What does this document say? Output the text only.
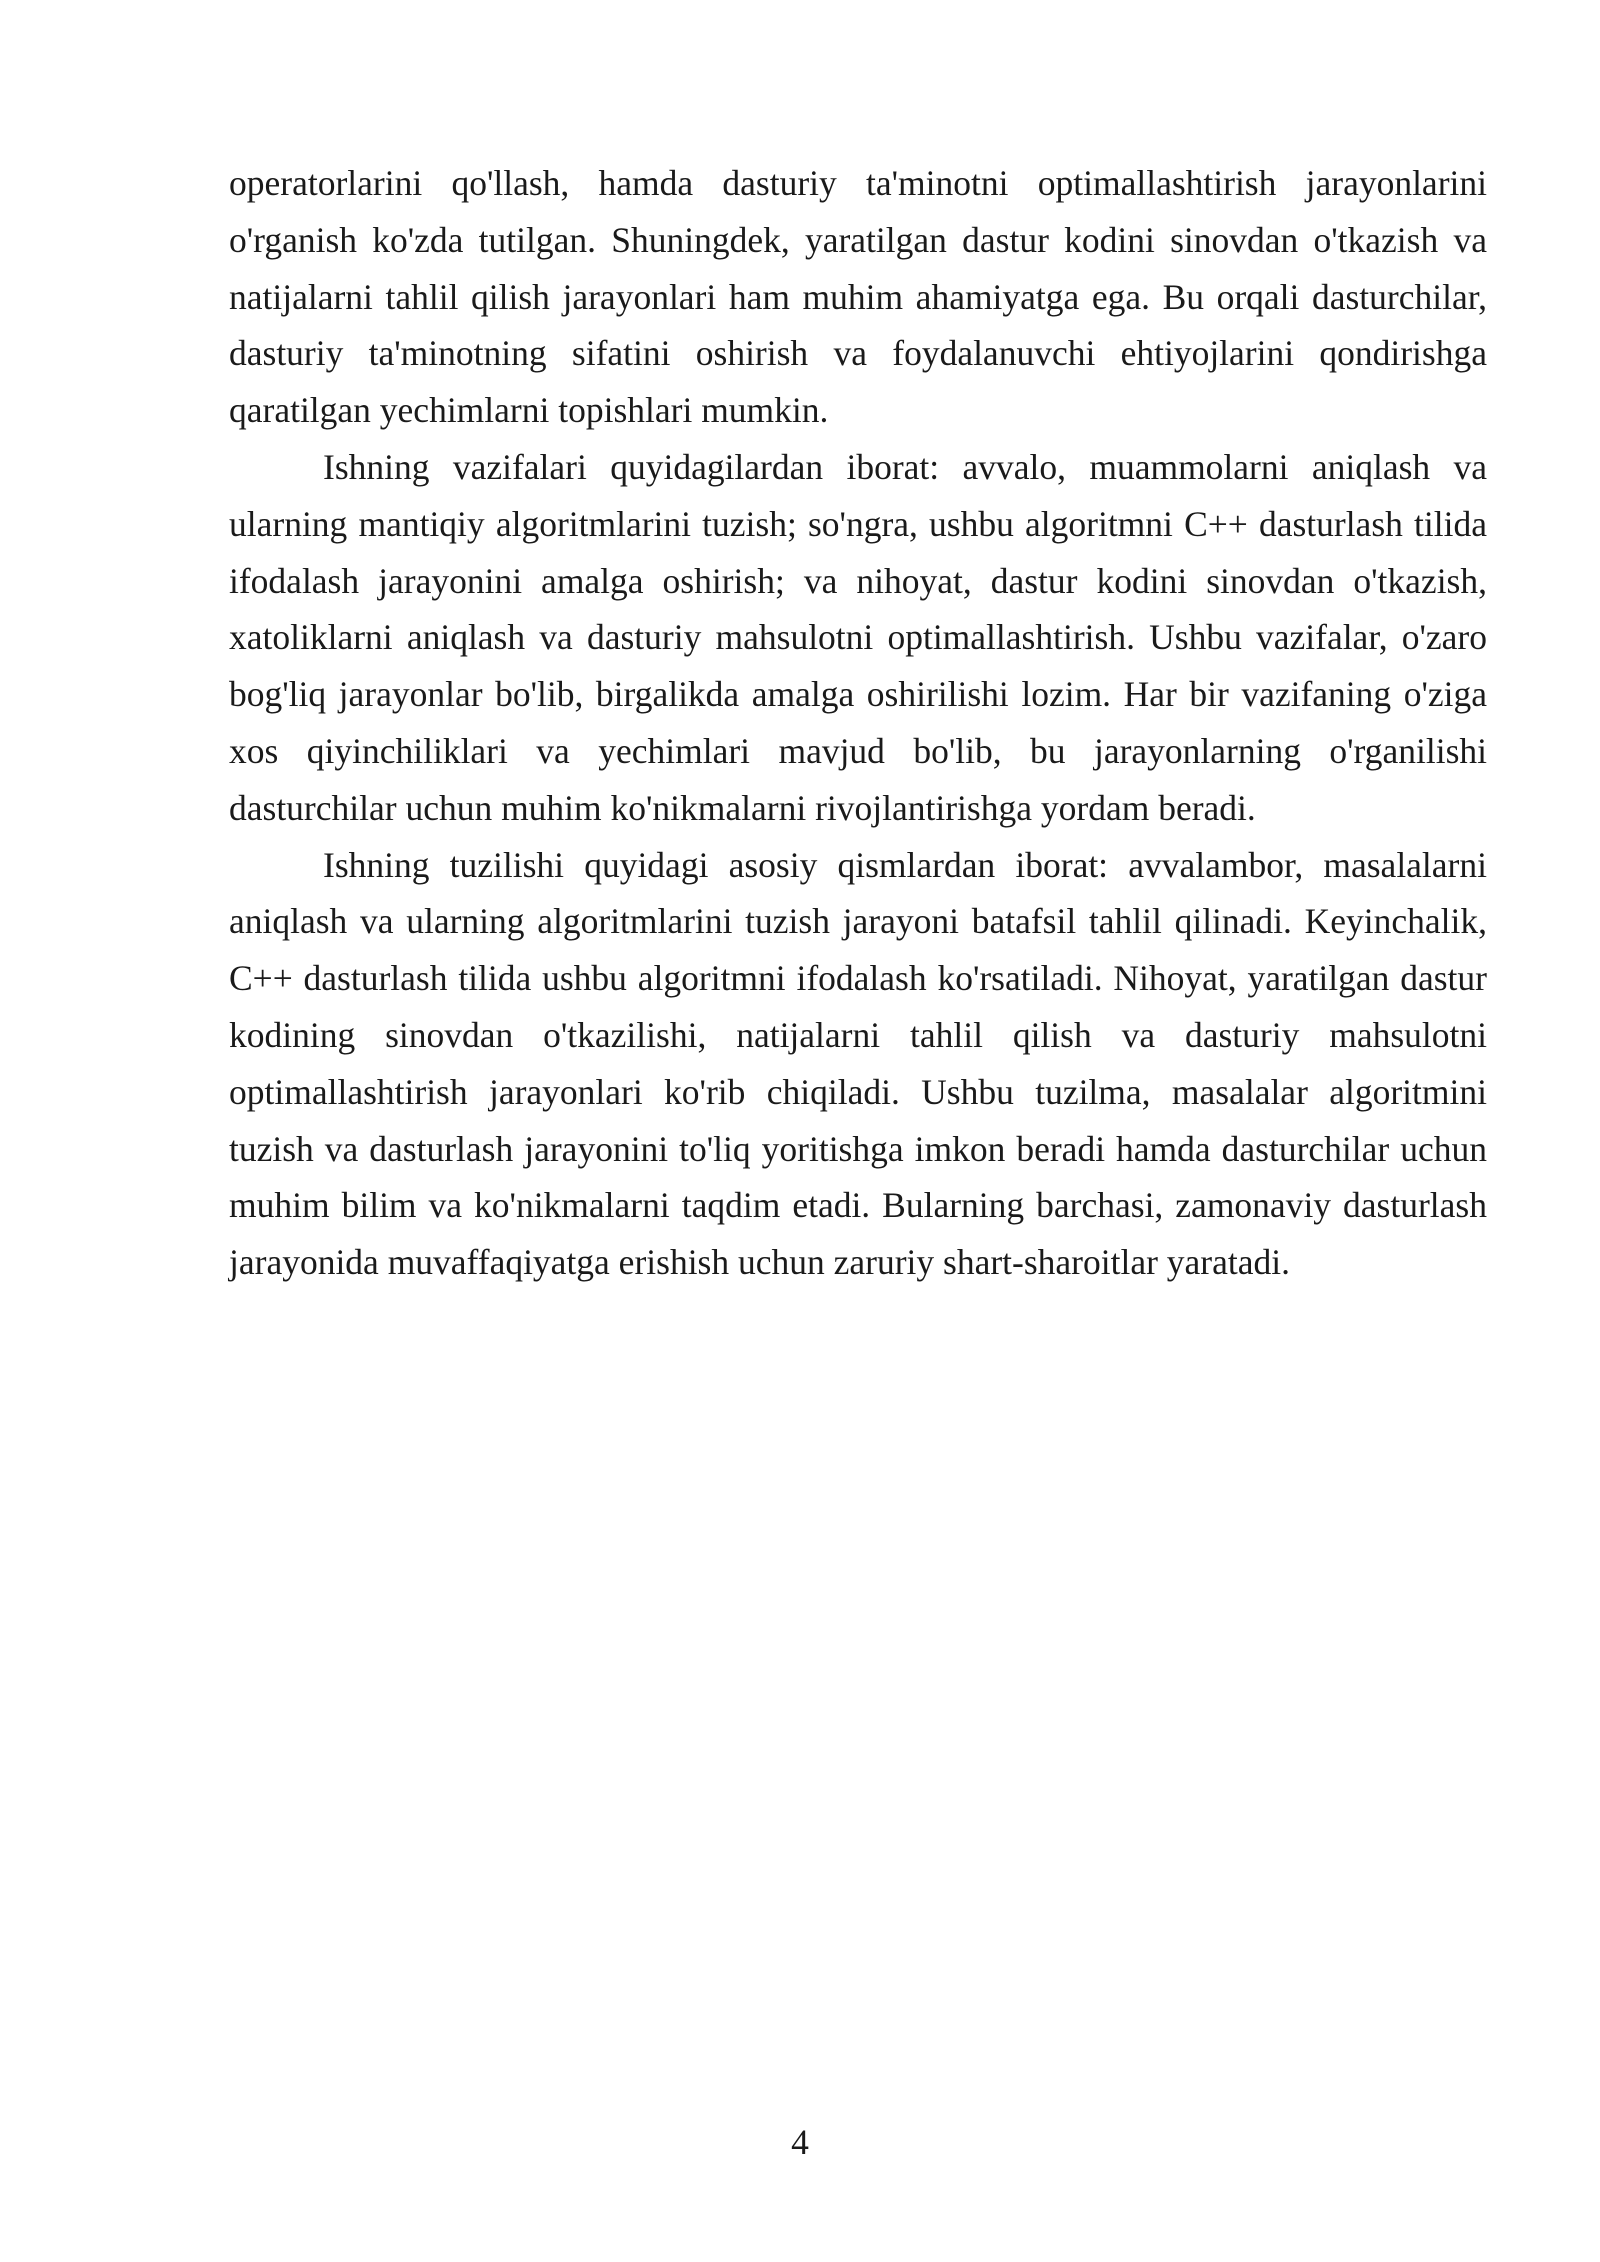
operatorlarini qo'llash, hamda dasturiy ta'minotni optimallashtirish jarayonlarini o'rganish ko'zda tutilgan. Shuningdek, yaratilgan dastur kodini sinovdan o'tkazish va natijalarni tahlil qilish jarayonlari ham muhim ahamiyatga ega. Bu orqali dasturchilar, dasturiy ta'minotning sifatini oshirish va foydalanuvchi ehtiyojlarini qondirishga qaratilgan yechimlarni topishlari mumkin.

Ishning vazifalari quyidagilardan iborat: avvalo, muammolarni aniqlash va ularning mantiqiy algoritmlarini tuzish; so'ngra, ushbu algoritmni C++ dasturlash tilida ifodalash jarayonini amalga oshirish; va nihoyat, dastur kodini sinovdan o'tkazish, xatoliklarni aniqlash va dasturiy mahsulotni optimallashtirish. Ushbu vazifalar, o'zaro bog'liq jarayonlar bo'lib, birgalikda amalga oshirilishi lozim. Har bir vazifaning o'ziga xos qiyinchiliklari va yechimlari mavjud bo'lib, bu jarayonlarning o'rganilishi dasturchilar uchun muhim ko'nikmalarni rivojlantirishga yordam beradi.

Ishning tuzilishi quyidagi asosiy qismlardan iborat: avvalambor, masalalarni aniqlash va ularning algoritmlarini tuzish jarayoni batafsil tahlil qilinadi. Keyinchalik, C++ dasturlash tilida ushbu algoritmni ifodalash ko'rsatiladi. Nihoyat, yaratilgan dastur kodining sinovdan o'tkazilishi, natijalarni tahlil qilish va dasturiy mahsulotni optimallashtirish jarayonlari ko'rib chiqiladi. Ushbu tuzilma, masalalar algoritmini tuzish va dasturlash jarayonini to'liq yoritishga imkon beradi hamda dasturchilar uchun muhim bilim va ko'nikmalarni taqdim etadi. Bularning barchasi, zamonaviy dasturlash jarayonida muvaffaqiyatga erishish uchun zaruriy shart-sharoitlar yaratadi.

4
